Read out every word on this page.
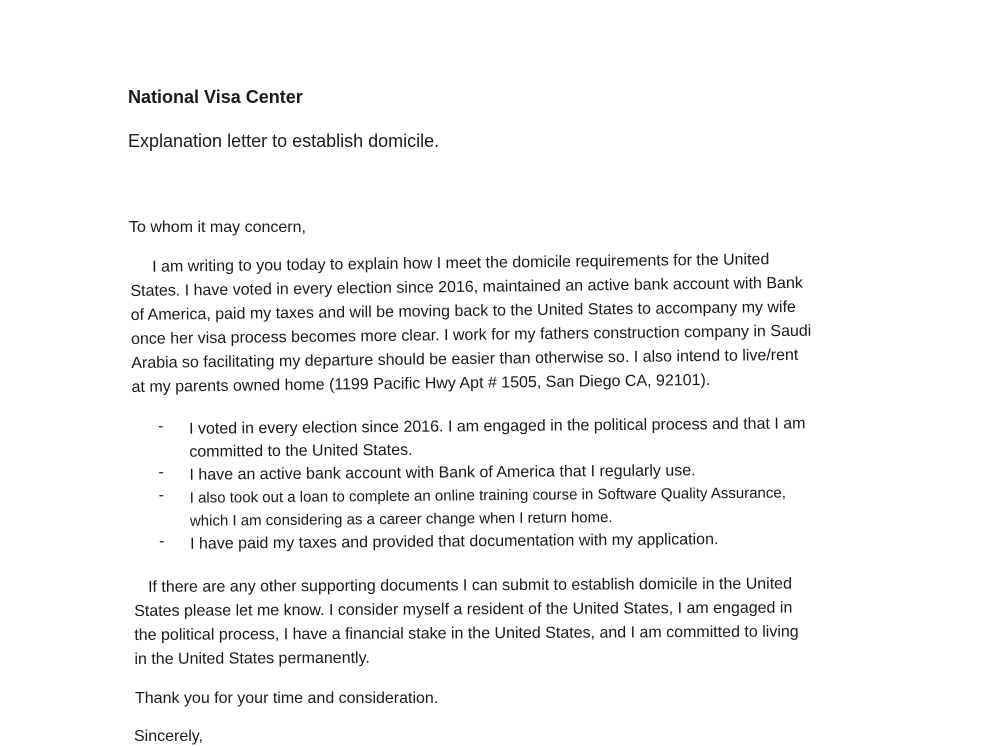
National Visa Center

Explanation letter to establish domicile.

To whom it may concern,

I am writing to you today to explain how I meet the domicile requirements for the United
States. I have voted in every election since 2016, maintained an active bank account with Bank
of America, paid my taxes and will be moving back to the United States to accompany my wife
once her visa process becomes more clear. I work for my fathers construction company in Saudi
Arabia so facilitating my departure should be easier than otherwise so. I also intend to live/rent
at my parents owned home (1199 Pacific Hwy Apt # 1505, San Diego CA, 92101).

- I voted in every election since 2016. I am engaged in the political process and that I am
committed to the United States.
- I have an active bank account with Bank of America that I regularly use.
- I also took out a loan to complete an online training course in Software Quality Assurance,
which I am considering as a career change when I return home.
- I have paid my taxes and provided that documentation with my application.

If there are any other supporting documents I can submit to establish domicile in the United
States please let me know. I consider myself a resident of the United States, I am engaged in
the political process, I have a financial stake in the United States, and I am committed to living
in the United States permanently.

Thank you for your time and consideration.

Sincerely,
